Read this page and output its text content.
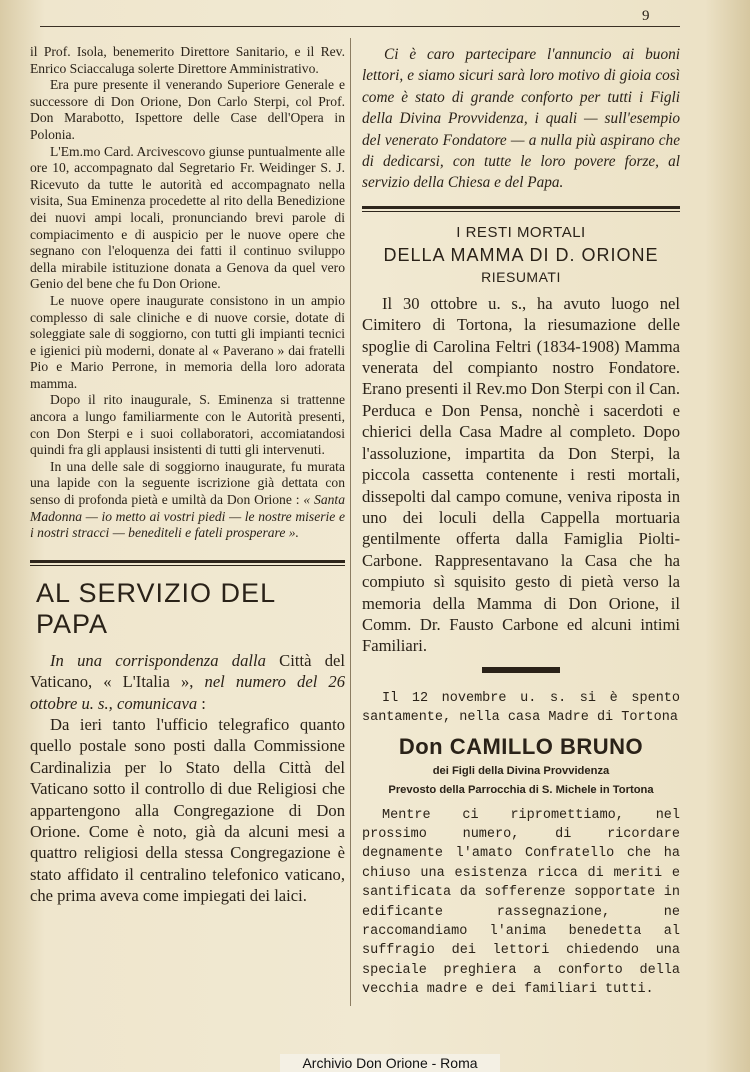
9

il Prof. Isola, benemerito Direttore Sanitario, e il Rev. Enrico Sciaccaluga solerte Direttore Amministrativo.

Era pure presente il venerando Superiore Generale e successore di Don Orione, Don Carlo Sterpi, col Prof. Don Marabotto, Ispettore delle Case dell'Opera in Polonia.

L'Em.mo Card. Arcivescovo giunse puntualmente alle ore 10, accompagnato dal Segretario Fr. Weidinger S. J. Ricevuto da tutte le autorità ed accompagnato nella visita, Sua Eminenza procedette al rito della Benedizione dei nuovi ampi locali, pronunciando brevi parole di compiacimento e di auspicio per le nuove opere che segnano con l'eloquenza dei fatti il continuo sviluppo della mirabile istituzione donata a Genova da quel vero Genio del bene che fu Don Orione.

Le nuove opere inaugurate consistono in un ampio complesso di sale cliniche e di nuove corsie, dotate di soleggiate sale di soggiorno, con tutti gli impianti tecnici e igienici più moderni, donate al « Paverano » dai fratelli Pio e Mario Perrone, in memoria della loro adorata mamma.

Dopo il rito inaugurale, S. Eminenza si trattenne ancora a lungo familiarmente con le Autorità presenti, con Don Sterpi e i suoi collaboratori, accomiatandosi quindi fra gli applausi insistenti di tutti gli intervenuti.

In una delle sale di soggiorno inaugurate, fu murata una lapide con la seguente iscrizione già dettata con senso di profonda pietà e umiltà da Don Orione : « Santa Madonna — io metto ai vostri piedi — le nostre miserie e i nostri stracci — benediteli e fateli prosperare ».

AL SERVIZIO DEL PAPA

In una corrispondenza dalla Città del Vaticano, « L'Italia », nel numero del 26 ottobre u. s., comunicava :

Da ieri tanto l'ufficio telegrafico quanto quello postale sono posti dalla Commissione Cardinalizia per lo Stato della Città del Vaticano sotto il controllo di due Religiosi che appartengono alla Congregazione di Don Orione. Come è noto, già da alcuni mesi a quattro religiosi della stessa Congregazione è stato affidato il centralino telefonico vaticano, che prima aveva come impiegati dei laici.

Ci è caro partecipare l'annuncio ai buoni lettori, e siamo sicuri sarà loro motivo di gioia così come è stato di grande conforto per tutti i Figli della Divina Provvidenza, i quali — sull'esempio del venerato Fondatore — a nulla più aspirano che di dedicarsi, con tutte le loro povere forze, al servizio della Chiesa e del Papa.

I RESTI MORTALI
DELLA MAMMA DI D. ORIONE
RIESUMATI

Il 30 ottobre u. s., ha avuto luogo nel Cimitero di Tortona, la riesumazione delle spoglie di Carolina Feltri (1834-1908) Mamma venerata del compianto nostro Fondatore. Erano presenti il Rev.mo Don Sterpi con il Can. Perduca e Don Pensa, nonchè i sacerdoti e chierici della Casa Madre al completo. Dopo l'assoluzione, impartita da Don Sterpi, la piccola cassetta contenente i resti mortali, dissepolti dal campo comune, veniva riposta in uno dei loculi della Cappella mortuaria gentilmente offerta dalla Famiglia Piolti-Carbone. Rappresentavano la Casa che ha compiuto sì squisito gesto di pietà verso la memoria della Mamma di Don Orione, il Comm. Dr. Fausto Carbone ed alcuni intimi Familiari.

Il 12 novembre u. s. si è spento santamente, nella casa Madre di Tortona

Don CAMILLO BRUNO
dei Figli della Divina Provvidenza
Prevosto della Parrocchia di S. Michele in Tortona

Mentre ci ripromettiamo, nel prossimo numero, di ricordare degnamente l'amato Confratello che ha chiuso una esistenza ricca di meriti e santificata da sofferenze sopportate in edificante rassegnazione, ne raccomandiamo l'anima benedetta al suffragio dei lettori chiedendo una speciale preghiera a conforto della vecchia madre e dei familiari tutti.

Archivio Don Orione - Roma
